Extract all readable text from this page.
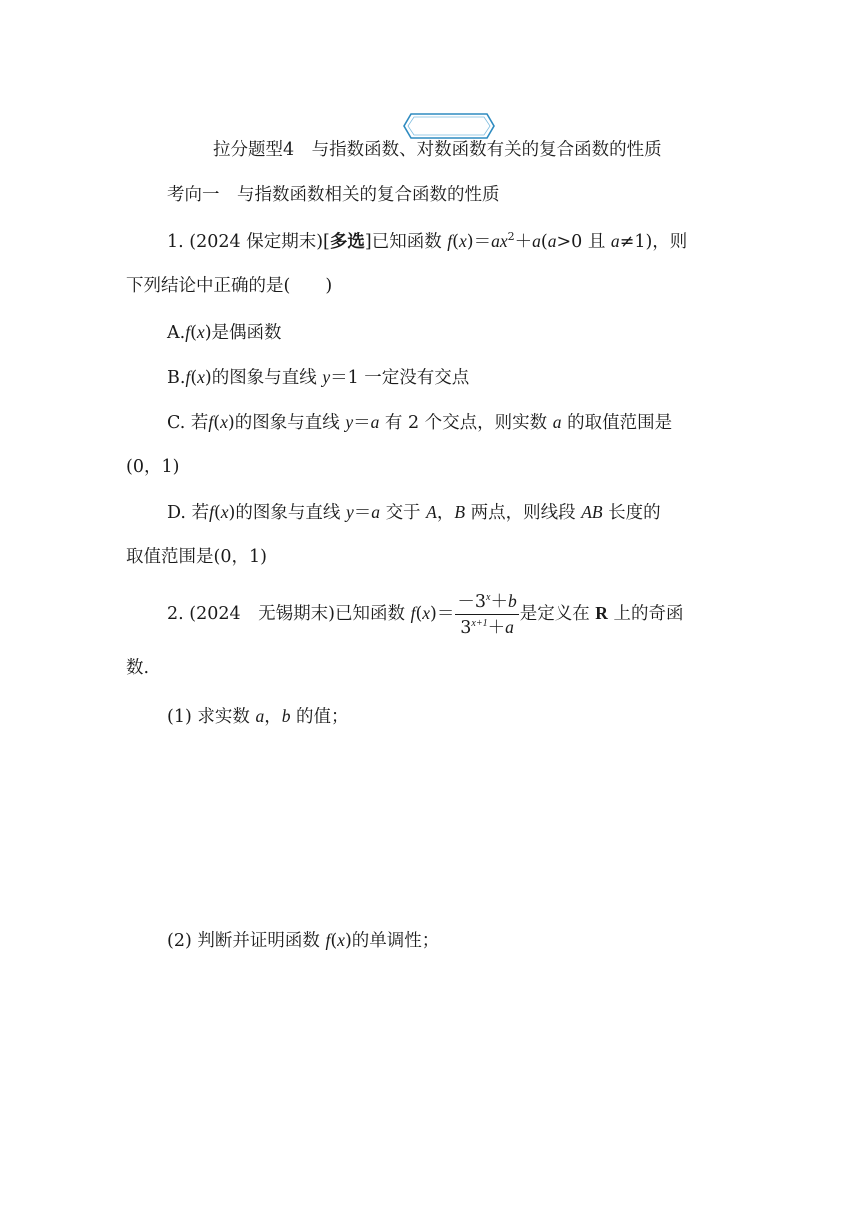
拉分题型4　与指数函数、对数函数有关的复合函数的性质
考向一　与指数函数相关的复合函数的性质
1. (2024 保定期末)[多选]已知函数 $f(x)=ax^2+a(a>0$ 且 a≠1)，则
下列结论中正确的是(　　)
A.f(x)是偶函数
B.f(x)的图象与直线 y＝1 一定没有交点
C. 若f(x)的图象与直线 y＝a 有 2 个交点，则实数 a 的取值范围是
(0，1)
D. 若f(x)的图象与直线 y＝a 交于 A，B 两点，则线段 AB 长度的
取值范围是(0，1)
2. (2024　无锡期末)已知函数 $f(x)= \frac{-3^x+b}{3^{x+1}+a}$ 是定义在 R 上的奇函
数.
(1) 求实数 a，b 的值；
(2) 判断并证明函数 f(x)的单调性；
